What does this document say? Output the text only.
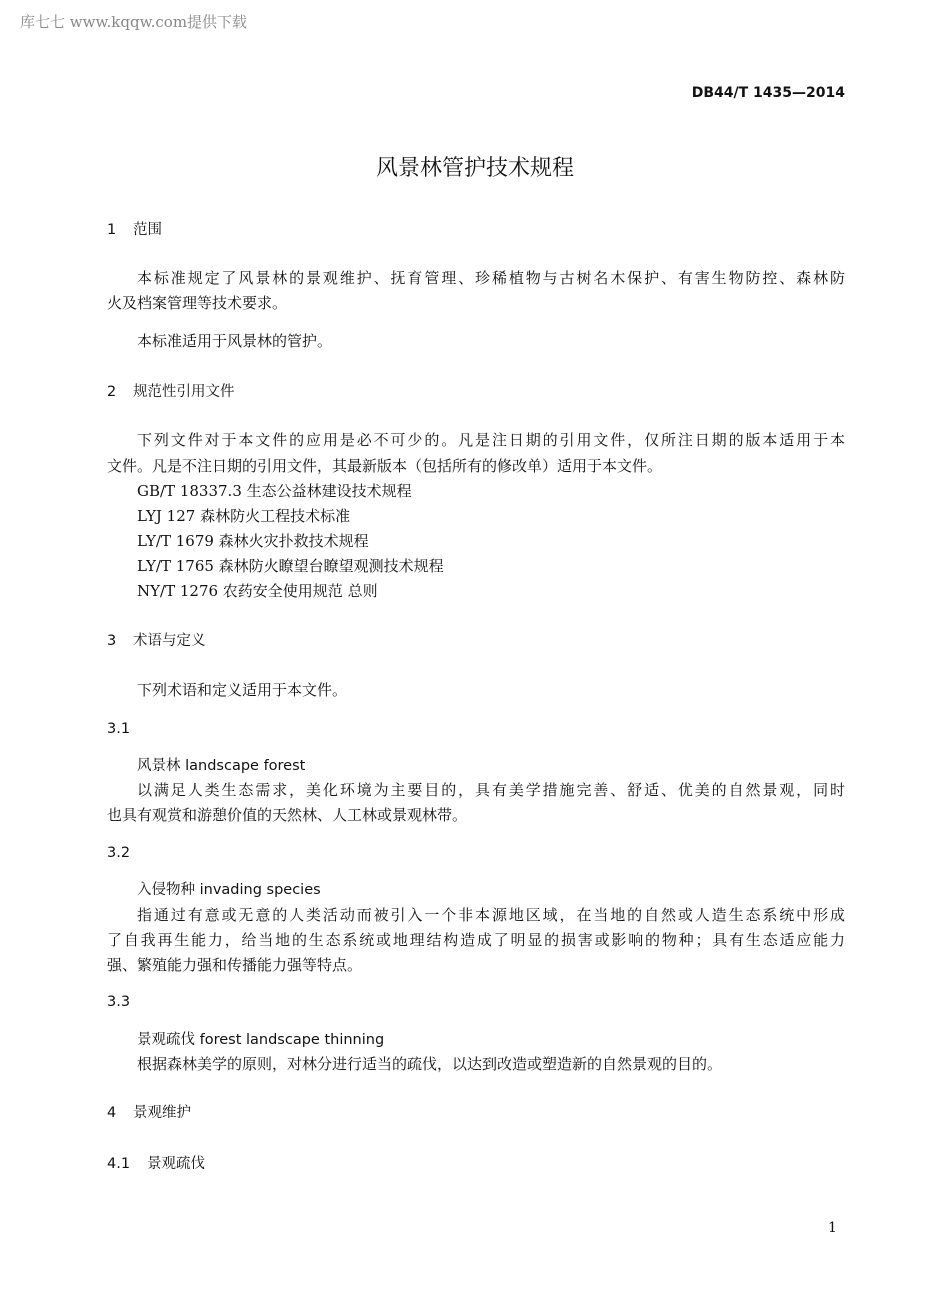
库七七 www.kqqw.com提供下载
DB44/T 1435—2014
风景林管护技术规程
1 范围
本标准规定了风景林的景观维护、抚育管理、珍稀植物与古树名木保护、有害生物防控、森林防
火及档案管理等技术要求。
本标准适用于风景林的管护。
2 规范性引用文件
下列文件对于本文件的应用是必不可少的。凡是注日期的引用文件，仅所注日期的版本适用于本
文件。凡是不注日期的引用文件，其最新版本（包括所有的修改单）适用于本文件。
GB/T 18337.3 生态公益林建设技术规程
LYJ 127 森林防火工程技术标准
LY/T 1679 森林火灾扑救技术规程
LY/T 1765 森林防火瞭望台瞭望观测技术规程
NY/T 1276 农药安全使用规范 总则
3 术语与定义
下列术语和定义适用于本文件。
3.1
风景林 landscape forest
以满足人类生态需求，美化环境为主要目的，具有美学措施完善、舒适、优美的自然景观，同时
也具有观赏和游憩价值的天然林、人工林或景观林带。
3.2
入侵物种 invading species
指通过有意或无意的人类活动而被引入一个非本源地区域，在当地的自然或人造生态系统中形成
了自我再生能力，给当地的生态系统或地理结构造成了明显的损害或影响的物种；具有生态适应能力
强、繁殖能力强和传播能力强等特点。
3.3
景观疏伐 forest landscape thinning
根据森林美学的原则，对林分进行适当的疏伐，以达到改造或塑造新的自然景观的目的。
4 景观维护
4.1 景观疏伐
1
